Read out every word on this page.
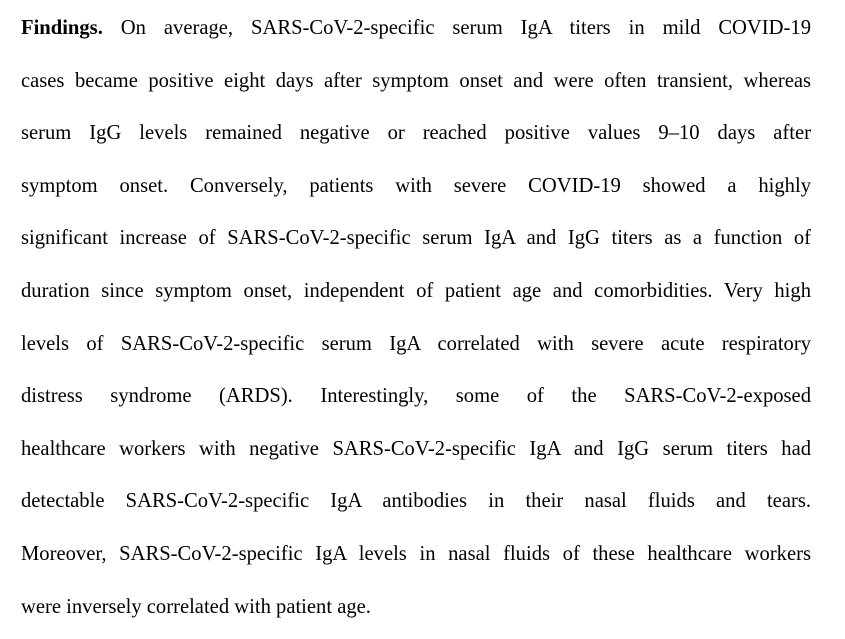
Findings. On average, SARS-CoV-2-specific serum IgA titers in mild COVID-19
cases became positive eight days after symptom onset and were often transient, whereas
serum IgG levels remained negative or reached positive values 9–10 days after
symptom onset. Conversely, patients with severe COVID-19 showed a highly
significant increase of SARS-CoV-2-specific serum IgA and IgG titers as a function of
duration since symptom onset, independent of patient age and comorbidities. Very high
levels of SARS-CoV-2-specific serum IgA correlated with severe acute respiratory
distress syndrome (ARDS). Interestingly, some of the SARS-CoV-2-exposed
healthcare workers with negative SARS-CoV-2-specific IgA and IgG serum titers had
detectable SARS-CoV-2-specific IgA antibodies in their nasal fluids and tears.
Moreover, SARS-CoV-2-specific IgA levels in nasal fluids of these healthcare workers
were inversely correlated with patient age.
